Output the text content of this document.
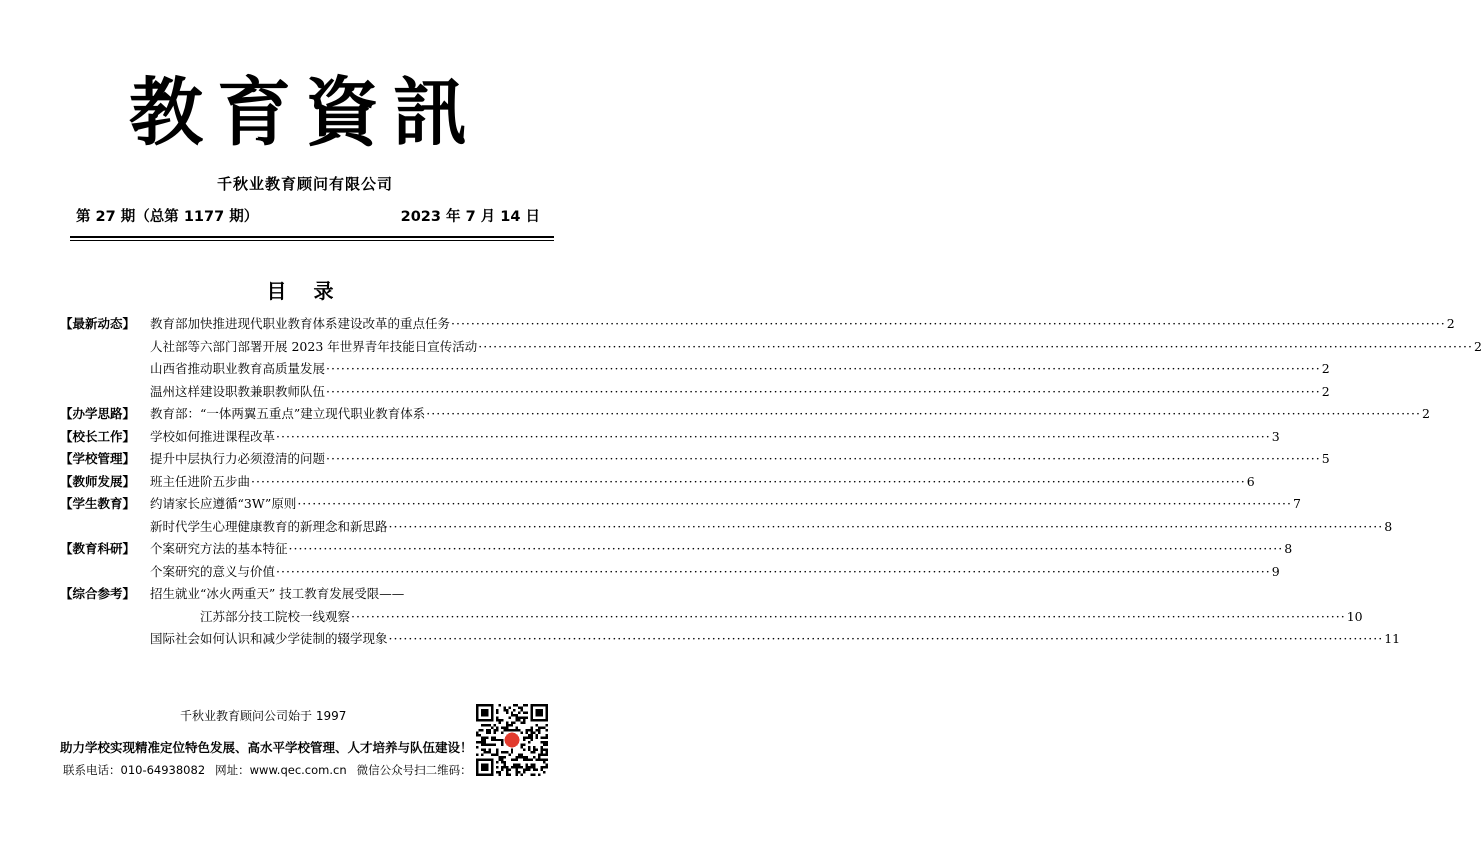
教育資訊
千秋业教育顾问有限公司
第 27 期（总第 1177 期）	2023 年 7 月 14 日
目 录
【最新动态】 教育部加快推进现代职业教育体系建设改革的重点任务 ········································································································································································································ 2
人社部等六部门部署开展 2023 年世界青年技能日宣传活动 ········································································································································································································ 2
山西省推动职业教育高质量发展 ········································································································································································································ 2
温州这样建设职教兼职教师队伍 ········································································································································································································ 2
【办学思路】 教育部：“一体两翼五重点”建立现代职业教育体系 ········································································································································································································ 2
【校长工作】 学校如何推进课程改革 ········································································································································································································ 3
【学校管理】 提升中层执行力必须澄清的问题 ········································································································································································································ 5
【教师发展】 班主任进阶五步曲 ········································································································································································································ 6
【学生教育】 约请家长应遵循“3W”原则 ········································································································································································································ 7
新时代学生心理健康教育的新理念和新思路 ········································································································································································································ 8
【教育科研】 个案研究方法的基本特征 ········································································································································································································ 8
个案研究的意义与价值 ········································································································································································································ 9
【综合参考】 招生就业“冰火两重天” 技工教育发展受限——
江苏部分技工院校一线观察 ········································································································································································································ 10
国际社会如何认识和减少学徒制的辍学现象 ········································································································································································································ 11
千秋业教育顾问公司始于 1997
助力学校实现精准定位特色发展、高水平学校管理、人才培养与队伍建设！
联系电话：010-64938082 网址：www.qec.com.cn 微信公众号扫二维码：
